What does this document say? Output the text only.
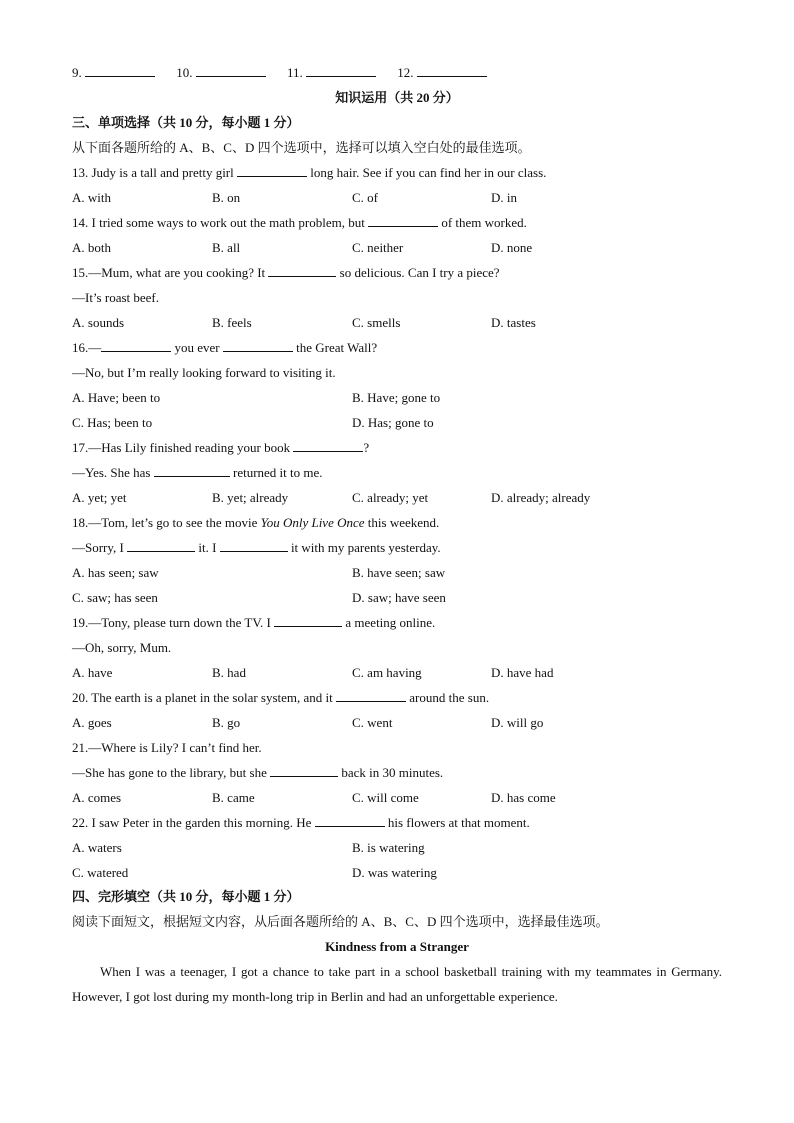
9.	10.	11.	12.
知识运用（共 20 分）
三、单项选择（共 10 分，每小题 1 分）
从下面各题所给的 A、B、C、D 四个选项中，选择可以填入空白处的最佳选项。
13. Judy is a tall and pretty girl	long hair. See if you can find her in our class.
A. with	B. on	C. of	D. in
14. I tried some ways to work out the math problem, but	of them worked.
A. both	B. all	C. neither	D. none
15.—Mum, what are you cooking? It	so delicious. Can I try a piece?
—It’s roast beef.
A. sounds	B. feels	C. smells	D. tastes
16.—	you ever	the Great Wall?
—No, but I’m really looking forward to visiting it.
A. Have; been to	B. Have; gone to
C. Has; been to	D. Has; gone to
17.—Has Lily finished reading your book	?
—Yes. She has	returned it to me.
A. yet; yet	B. yet; already	C. already; yet	D. already; already
18.—Tom, let’s go to see the movie You Only Live Once this weekend.
—Sorry, I	it. I	it with my parents yesterday.
A. has seen; saw	B. have seen; saw
C. saw; has seen	D. saw; have seen
19.—Tony, please turn down the TV. I	a meeting online.
—Oh, sorry, Mum.
A. have	B. had	C. am having	D. have had
20. The earth is a planet in the solar system, and it	around the sun.
A. goes	B. go	C. went	D. will go
21.—Where is Lily? I can’t find her.
—She has gone to the library, but she	back in 30 minutes.
A. comes	B. came	C. will come	D. has come
22. I saw Peter in the garden this morning. He	his flowers at that moment.
A. waters	B. is watering
C. watered	D. was watering
四、完形填空（共 10 分，每小题 1 分）
阅读下面短文，根据短文内容，从后面各题所给的 A、B、C、D 四个选项中，选择最佳选项。
Kindness from a Stranger
When I was a teenager, I got a chance to take part in a school basketball training with my teammates in Germany. However, I got lost during my month-long trip in Berlin and had an unforgettable experience.
